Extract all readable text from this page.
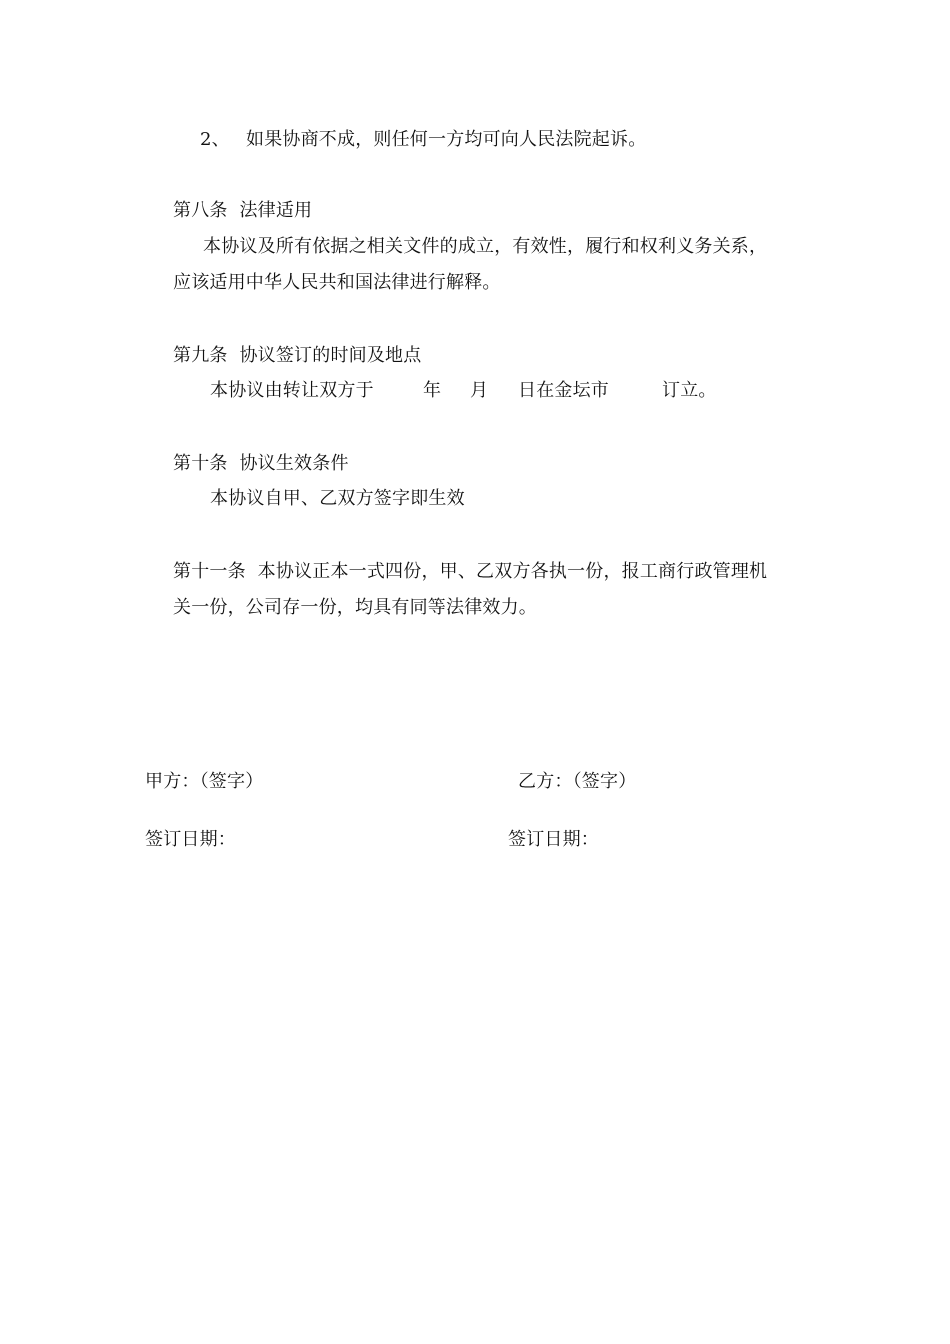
2、 如果协商不成，则任何一方均可向人民法院起诉。
第八条  法律适用
本协议及所有依据之相关文件的成立，有效性，履行和权利义务关系，
应该适用中华人民共和国法律进行解释。
第九条  协议签订的时间及地点
本协议由转让双方于	年 月 日在金坛市	订立。
第十条  协议生效条件
本协议自甲、乙双方签字即生效
第十一条  本协议正本一式四份，甲、乙双方各执一份，报工商行政管理机
关一份，公司存一份，均具有同等法律效力。
甲方：（签字）	乙方：（签字）
签订日期：	签订日期：
